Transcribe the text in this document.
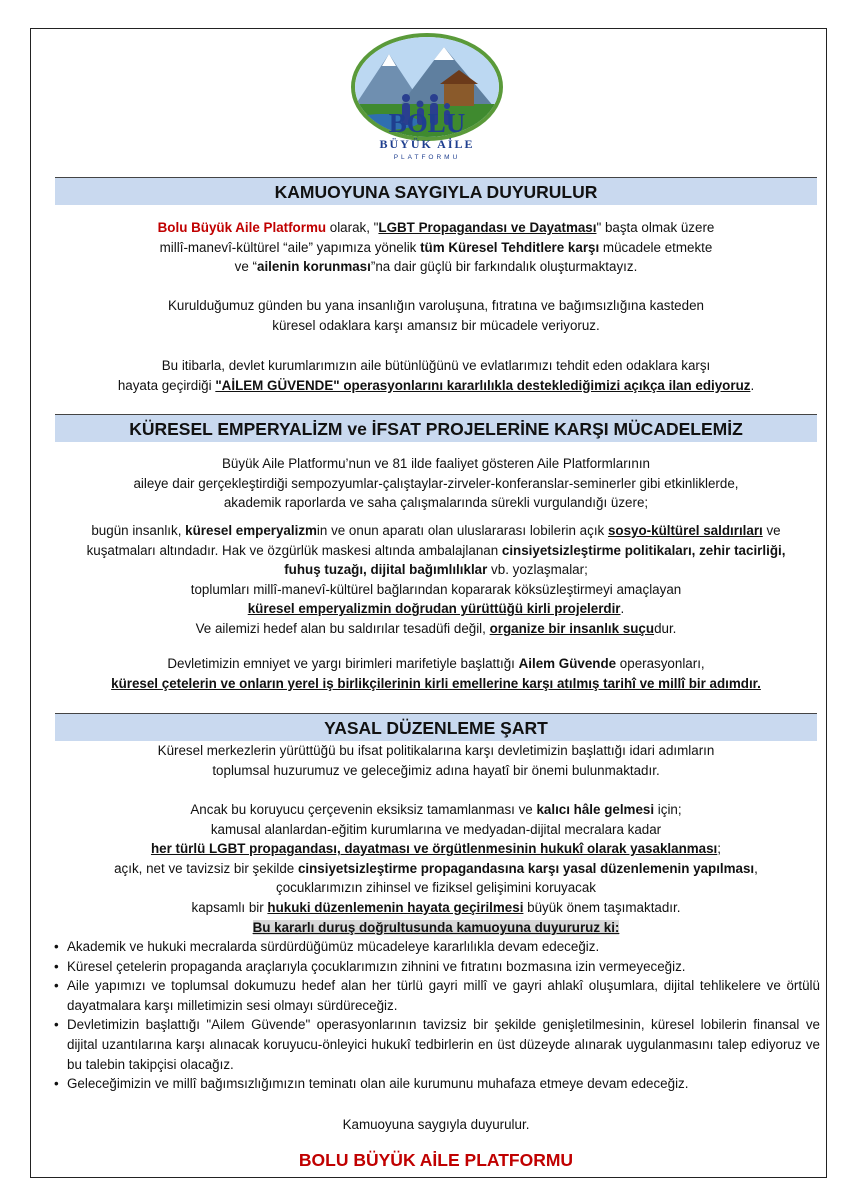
BOLU
BÜYÜK AİLE
PLATFORMU
KAMUOYUNA SAYGIYLA DUYURULUR

Bolu Büyük Aile Platformu olarak, "LGBT Propagandası ve Dayatması" başta olmak üzere

millî-manevî-kültürel “aile” yapımıza yönelik tüm Küresel Tehditlere karşı mücadele etmekte

ve “ailenin korunması”na dair güçlü bir farkındalık oluşturmaktayız.

Kurulduğumuz günden bu yana insanlığın varoluşuna, fıtratına ve bağımsızlığına kasteden

küresel odaklara karşı amansız bir mücadele veriyoruz.

Bu itibarla, devlet kurumlarımızın aile bütünlüğünü ve evlatlarımızı tehdit eden odaklara karşı

hayata geçirdiği "AİLEM GÜVENDE" operasyonlarını kararlılıkla desteklediğimizi açıkça ilan ediyoruz.

KÜRESEL EMPERYALİZM ve İFSAT PROJELERİNE KARŞI MÜCADELEMİZ

Büyük Aile Platformu’nun ve 81 ilde faaliyet gösteren Aile Platformlarının

aileye dair gerçekleştirdiği sempozyumlar-çalıştaylar-zirveler-konferanslar-seminerler gibi etkinliklerde,

akademik raporlarda ve saha çalışmalarında sürekli vurgulandığı üzere;

bugün insanlık, küresel emperyalizmin ve onun aparatı olan uluslararası lobilerin açık sosyo-kültürel saldırıları ve

kuşatmaları altındadır. Hak ve özgürlük maskesi altında ambalajlanan cinsiyetsizleştirme politikaları, zehir tacirliği,

fuhuş tuzağı, dijital bağımlılıklar vb. yozlaşmalar;

toplumları millî-manevî-kültürel bağlarından kopararak köksüzleştirmeyi amaçlayan

küresel emperyalizmin doğrudan yürüttüğü kirli projelerdir.

Ve ailemizi hedef alan bu saldırılar tesadüfi değil, organize bir insanlık suçudur.

Devletimizin emniyet ve yargı birimleri marifetiyle başlattığı Ailem Güvende operasyonları,

küresel çetelerin ve onların yerel iş birlikçilerinin kirli emellerine karşı atılmış tarihî ve millî bir adımdır.

YASAL DÜZENLEME ŞART

Küresel merkezlerin yürüttüğü bu ifsat politikalarına karşı devletimizin başlattığı idari adımların

toplumsal huzurumuz ve geleceğimiz adına hayatî bir önemi bulunmaktadır.

Ancak bu koruyucu çerçevenin eksiksiz tamamlanması ve kalıcı hâle gelmesi için;

kamusal alanlardan-eğitim kurumlarına ve medyadan-dijital mecralara kadar

her türlü LGBT propagandası, dayatması ve örgütlenmesinin hukukî olarak yasaklanması;

açık, net ve tavizsiz bir şekilde cinsiyetsizleştirme propagandasına karşı yasal düzenlemenin yapılması,

çocuklarımızın zihinsel ve fiziksel gelişimini koruyacak

kapsamlı bir hukuki düzenlemenin hayata geçirilmesi büyük önem taşımaktadır.

Bu kararlı duruş doğrultusunda kamuoyuna duyururuz ki:

• Akademik ve hukuki mecralarda sürdürdüğümüz mücadeleye kararlılıkla devam edeceğiz.
• Küresel çetelerin propaganda araçlarıyla çocuklarımızın zihnini ve fıtratını bozmasına izin vermeyeceğiz.
• Aile yapımızı ve toplumsal dokumuzu hedef alan her türlü gayri millî ve gayri ahlakî oluşumlara, dijital tehlikelere ve örtülü dayatmalara karşı milletimizin sesi olmayı sürdüreceğiz.
• Devletimizin başlattığı "Ailem Güvende" operasyonlarının tavizsiz bir şekilde genişletilmesinin, küresel lobilerin finansal ve dijital uzantılarına karşı alınacak koruyucu-önleyici hukukî tedbirlerin en üst düzeyde alınarak uygulanmasını talep ediyoruz ve bu talebin takipçisi olacağız.
• Geleceğimizin ve millî bağımsızlığımızın teminatı olan aile kurumunu muhafaza etmeye devam edeceğiz.
Kamuoyuna saygıyla duyurulur.
BOLU BÜYÜK AİLE PLATFORMU
